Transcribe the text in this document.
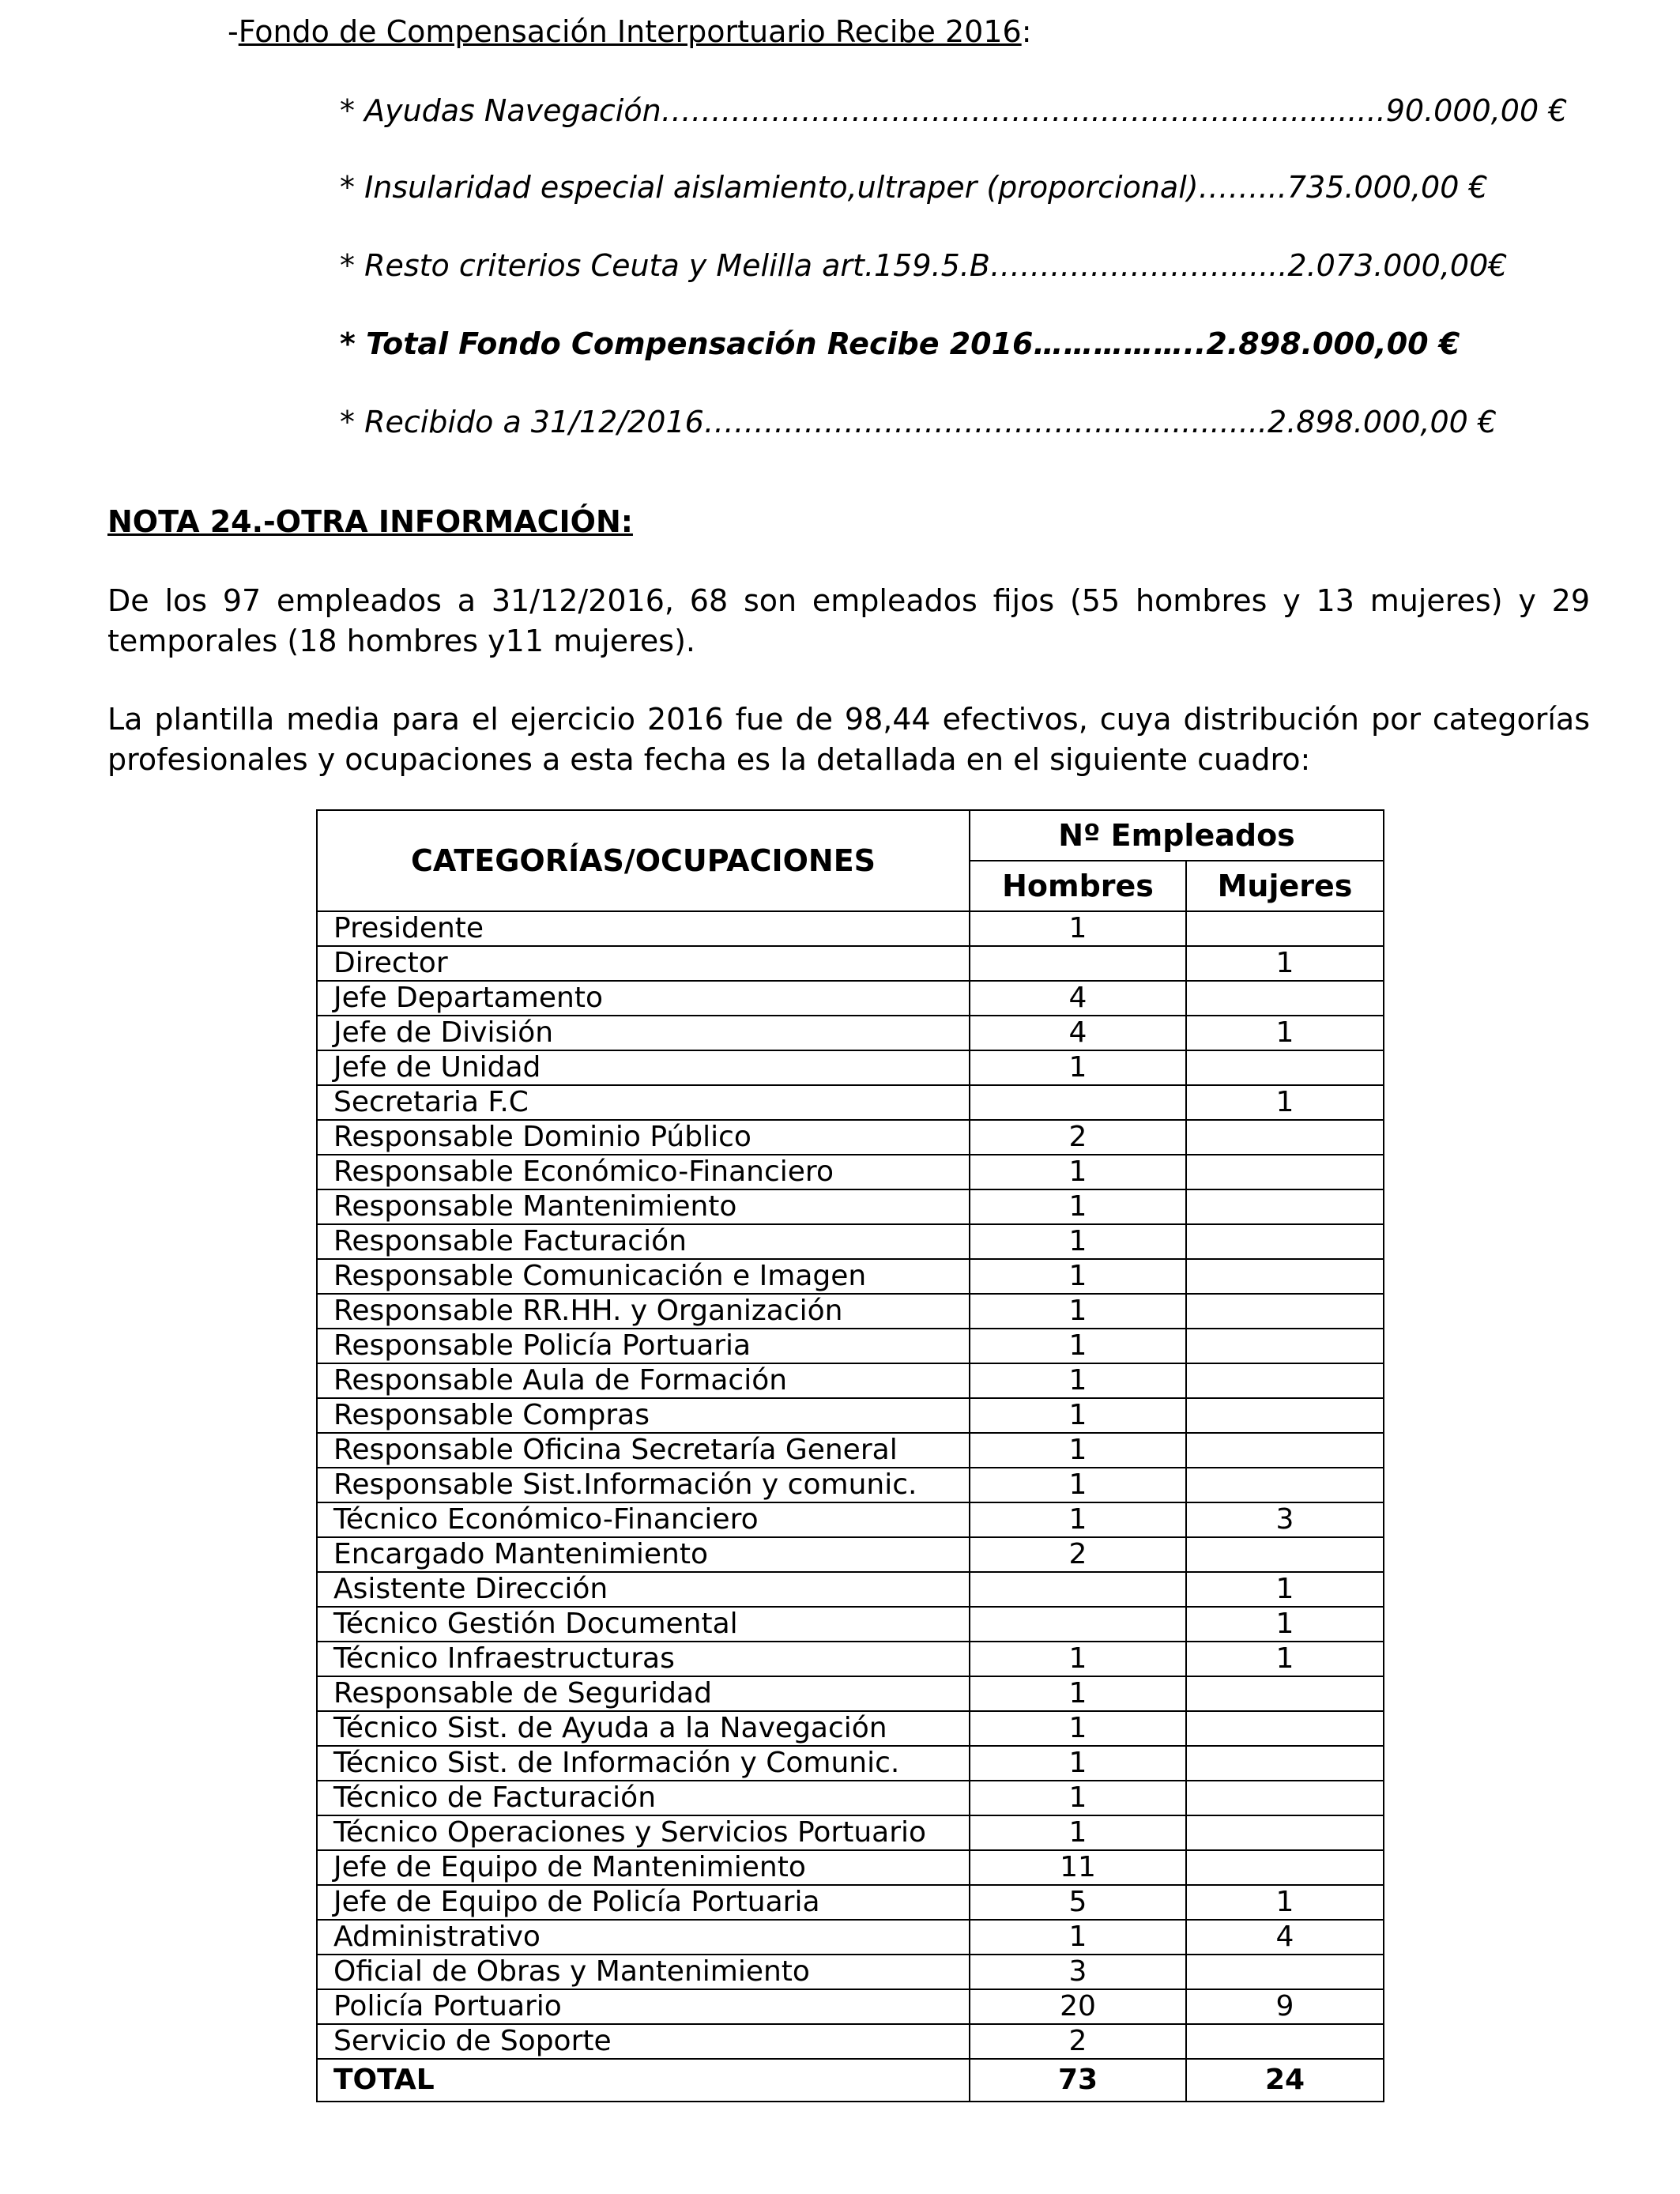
-Fondo de Compensación Interportuario Recibe 2016:

* Ayudas Navegación……………………………………..………………...........90.000,00 €

* Insularidad especial aislamiento,ultraper (proporcional)……...735.000,00 €

* Resto criterios Ceuta y Melilla art.159.5.B……………………......2.073.000,00€

* Total Fondo Compensación Recibe 2016……………..2.898.000,00 €

* Recibido a 31/12/2016…………………………………..….............2.898.000,00 €

NOTA 24.-OTRA INFORMACIÓN:

De los 97 empleados a 31/12/2016, 68 son empleados fijos (55 hombres y 13 mujeres) y 29 temporales (18 hombres y11 mujeres).

La plantilla media para el ejercicio 2016 fue de 98,44 efectivos, cuya distribución por categorías profesionales y ocupaciones a esta fecha es la detallada en el siguiente cuadro:

CATEGORÍAS/OCUPACIONES	Nº Empleados	
	Hombres	Mujeres
Presidente	1	
Director		1
Jefe Departamento	4	
Jefe de División	4	1
Jefe de Unidad	1	
Secretaria F.C		1
Responsable Dominio Público	2	
Responsable Económico-Financiero	1	
Responsable Mantenimiento	1	
Responsable Facturación	1	
Responsable Comunicación e Imagen	1	
Responsable RR.HH. y Organización	1	
Responsable Policía Portuaria	1	
Responsable Aula de Formación	1	
Responsable Compras	1	
Responsable Oficina Secretaría General	1	
Responsable Sist.Información y comunic.	1	
Técnico Económico-Financiero	1	3
Encargado Mantenimiento	2	
Asistente Dirección		1
Técnico Gestión Documental		1
Técnico Infraestructuras	1	1
Responsable de Seguridad	1	
Técnico Sist. de Ayuda a la Navegación	1	
Técnico Sist. de Información y Comunic.	1	
Técnico de Facturación	1	
Técnico Operaciones y Servicios Portuario	1	
Jefe de Equipo de Mantenimiento	11	
Jefe de Equipo de Policía Portuaria	5	1
Administrativo	1	4
Oficial de Obras y Mantenimiento	3	
Policía Portuario	20	9
Servicio de Soporte	2	
TOTAL	73	24
